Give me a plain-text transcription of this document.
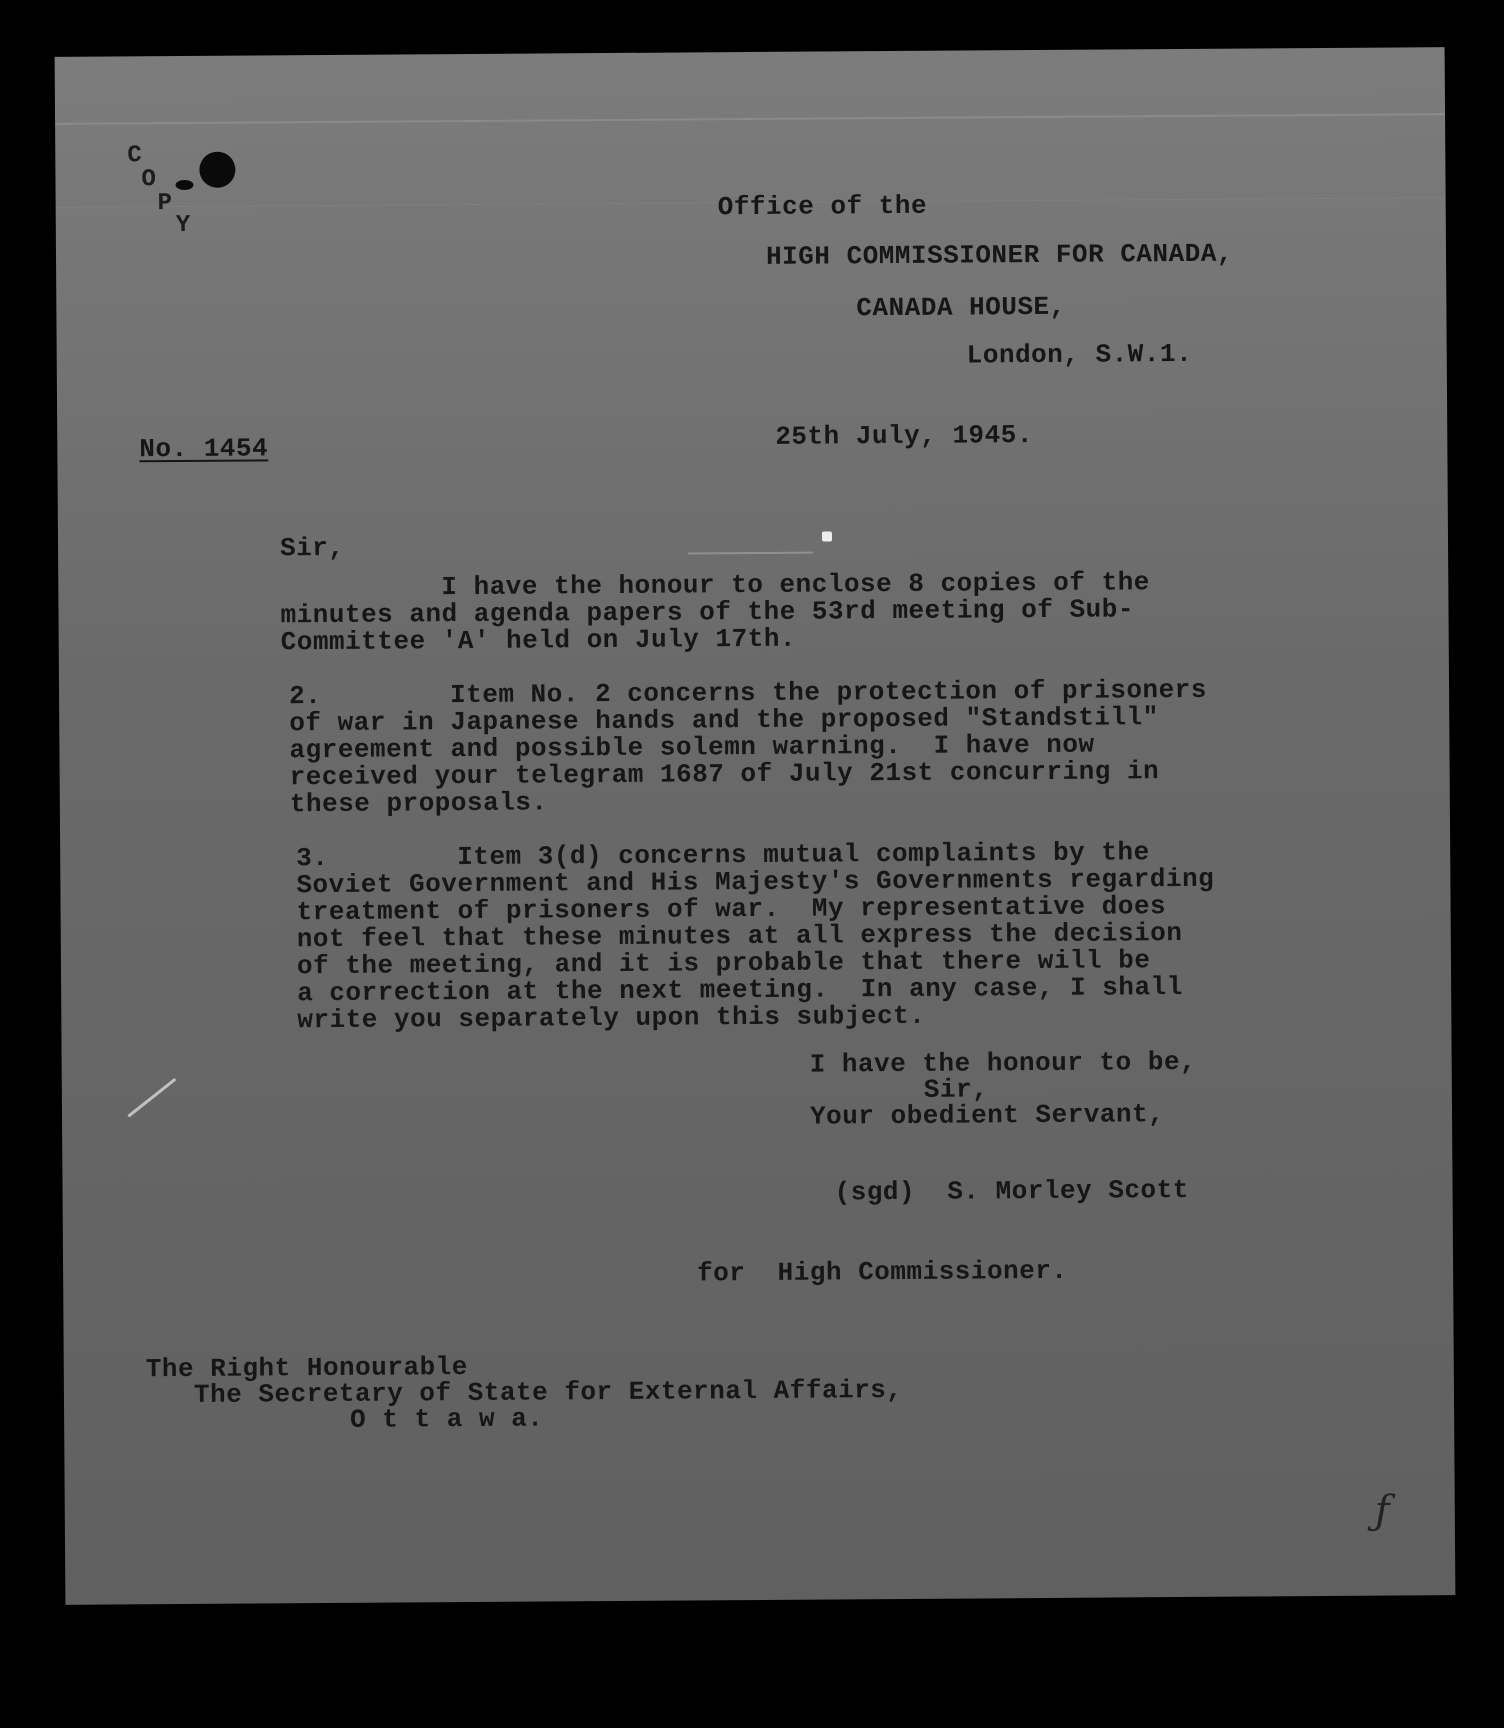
C
O
P
Y
Office of the
HIGH COMMISSIONER FOR CANADA,
CANADA HOUSE,
London, S.W.1.
No. 1454	25th July, 1945.
Sir,
I have the honour to enclose 8 copies of the
minutes and agenda papers of the 53rd meeting of Sub-
Committee 'A' held on July 17th.
2.        Item No. 2 concerns the protection of prisoners
of war in Japanese hands and the proposed "Standstill"
agreement and possible solemn warning.  I have now
received your telegram 1687 of July 21st concurring in
these proposals.
3.        Item 3(d) concerns mutual complaints by the
Soviet Government and His Majesty's Governments regarding
treatment of prisoners of war.  My representative does
not feel that these minutes at all express the decision
of the meeting, and it is probable that there will be
a correction at the next meeting.  In any case, I shall
write you separately upon this subject.
I have the honour to be,
Sir,
Your obedient Servant,
(sgd)  S. Morley Scott
for  High Commissioner.
The Right Honourable
The Secretary of State for External Affairs,
O t t a w a.
ƒ
